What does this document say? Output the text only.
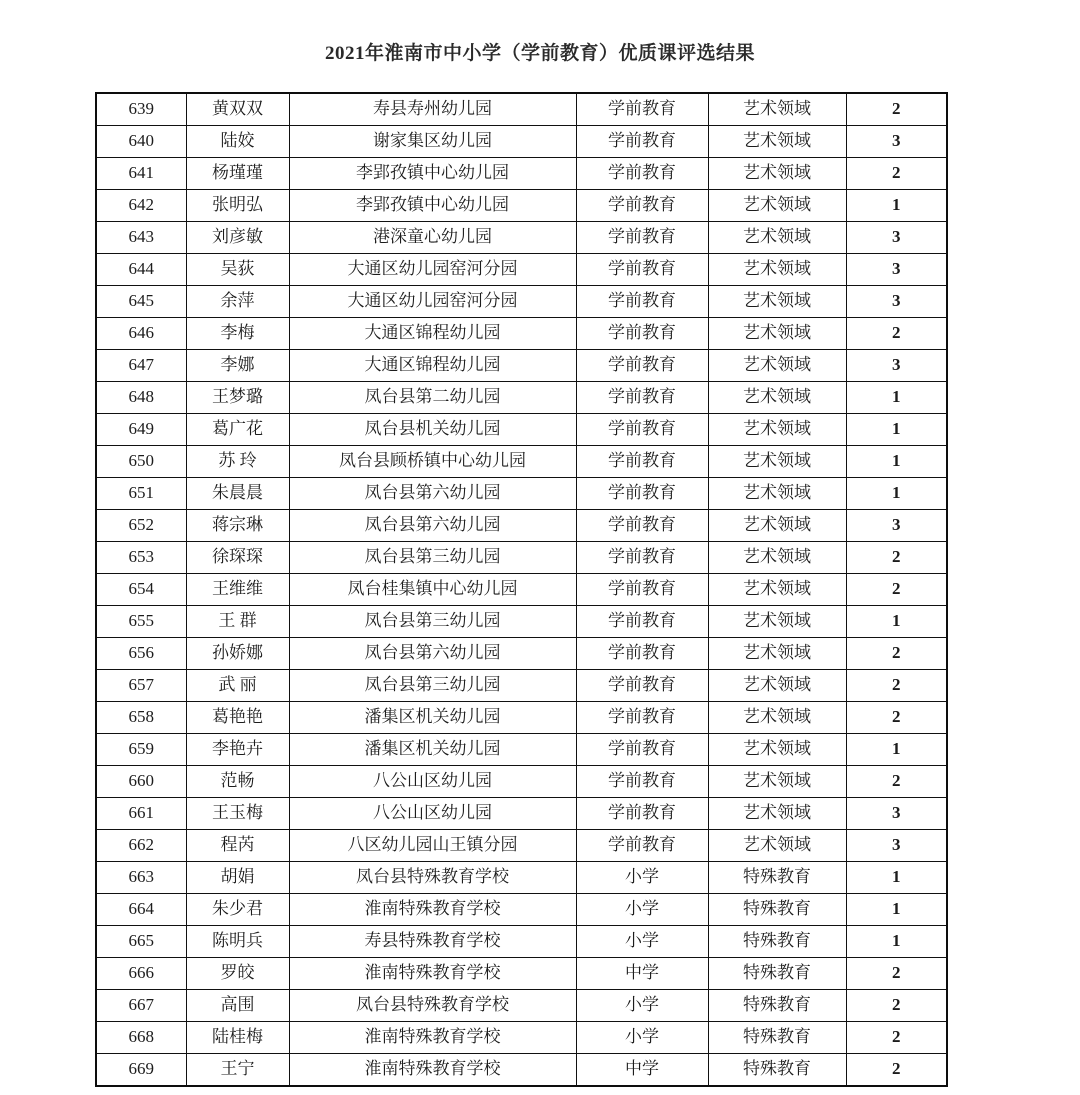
2021年淮南市中小学（学前教育）优质课评选结果
639	黄双双	寿县寿州幼儿园	学前教育	艺术领域	2
640	陆姣	谢家集区幼儿园	学前教育	艺术领域	3
641	杨瑾瑾	李郢孜镇中心幼儿园	学前教育	艺术领域	2
642	张明弘	李郢孜镇中心幼儿园	学前教育	艺术领域	1
643	刘彦敏	港深童心幼儿园	学前教育	艺术领域	3
644	吴荻	大通区幼儿园窑河分园	学前教育	艺术领域	3
645	余萍	大通区幼儿园窑河分园	学前教育	艺术领域	3
646	李梅	大通区锦程幼儿园	学前教育	艺术领域	2
647	李娜	大通区锦程幼儿园	学前教育	艺术领域	3
648	王梦璐	凤台县第二幼儿园	学前教育	艺术领域	1
649	葛广花	凤台县机关幼儿园	学前教育	艺术领域	1
650	苏 玲	凤台县顾桥镇中心幼儿园	学前教育	艺术领域	1
651	朱晨晨	凤台县第六幼儿园	学前教育	艺术领域	1
652	蒋宗琳	凤台县第六幼儿园	学前教育	艺术领域	3
653	徐琛琛	凤台县第三幼儿园	学前教育	艺术领域	2
654	王维维	凤台桂集镇中心幼儿园	学前教育	艺术领域	2
655	王 群	凤台县第三幼儿园	学前教育	艺术领域	1
656	孙娇娜	凤台县第六幼儿园	学前教育	艺术领域	2
657	武 丽	凤台县第三幼儿园	学前教育	艺术领域	2
658	葛艳艳	潘集区机关幼儿园	学前教育	艺术领域	2
659	李艳卉	潘集区机关幼儿园	学前教育	艺术领域	1
660	范畅	八公山区幼儿园	学前教育	艺术领域	2
661	王玉梅	八公山区幼儿园	学前教育	艺术领域	3
662	程芮	八区幼儿园山王镇分园	学前教育	艺术领域	3
663	胡娟	凤台县特殊教育学校	小学	特殊教育	1
664	朱少君	淮南特殊教育学校	小学	特殊教育	1
665	陈明兵	寿县特殊教育学校	小学	特殊教育	1
666	罗皎	淮南特殊教育学校	中学	特殊教育	2
667	高围	凤台县特殊教育学校	小学	特殊教育	2
668	陆桂梅	淮南特殊教育学校	小学	特殊教育	2
669	王宁	淮南特殊教育学校	中学	特殊教育	2
